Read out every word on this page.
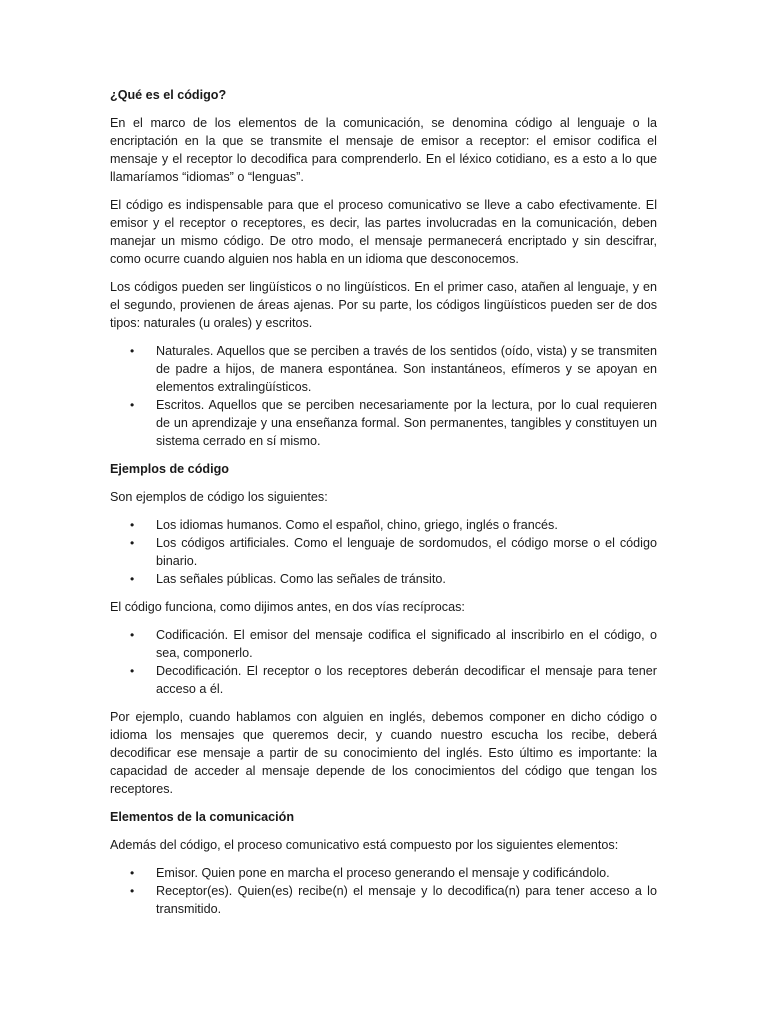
¿Qué es el código?

En el marco de los elementos de la comunicación, se denomina código al lenguaje o la encriptación en la que se transmite el mensaje de emisor a receptor: el emisor codifica el mensaje y el receptor lo decodifica para comprenderlo. En el léxico cotidiano, es a esto a lo que llamaríamos “idiomas” o “lenguas”.

El código es indispensable para que el proceso comunicativo se lleve a cabo efectivamente. El emisor y el receptor o receptores, es decir, las partes involucradas en la comunicación, deben manejar un mismo código. De otro modo, el mensaje permanecerá encriptado y sin descifrar, como ocurre cuando alguien nos habla en un idioma que desconocemos.

Los códigos pueden ser lingüísticos o no lingüísticos. En el primer caso, atañen al lenguaje, y en el segundo, provienen de áreas ajenas. Por su parte, los códigos lingüísticos pueden ser de dos tipos: naturales (u orales) y escritos.

• Naturales. Aquellos que se perciben a través de los sentidos (oído, vista) y se transmiten de padre a hijos, de manera espontánea. Son instantáneos, efímeros y se apoyan en elementos extralingüísticos.
• Escritos. Aquellos que se perciben necesariamente por la lectura, por lo cual requieren de un aprendizaje y una enseñanza formal. Son permanentes, tangibles y constituyen un sistema cerrado en sí mismo.

Ejemplos de código

Son ejemplos de código los siguientes:

• Los idiomas humanos. Como el español, chino, griego, inglés o francés.
• Los códigos artificiales. Como el lenguaje de sordomudos, el código morse o el código binario.
• Las señales públicas. Como las señales de tránsito.

El código funciona, como dijimos antes, en dos vías recíprocas:

• Codificación. El emisor del mensaje codifica el significado al inscribirlo en el código, o sea, componerlo.
• Decodificación. El receptor o los receptores deberán decodificar el mensaje para tener acceso a él.

Por ejemplo, cuando hablamos con alguien en inglés, debemos componer en dicho código o idioma los mensajes que queremos decir, y cuando nuestro escucha los recibe, deberá decodificar ese mensaje a partir de su conocimiento del inglés. Esto último es importante: la capacidad de acceder al mensaje depende de los conocimientos del código que tengan los receptores.

Elementos de la comunicación

Además del código, el proceso comunicativo está compuesto por los siguientes elementos:

• Emisor. Quien pone en marcha el proceso generando el mensaje y codificándolo.
• Receptor(es). Quien(es) recibe(n) el mensaje y lo decodifica(n) para tener acceso a lo transmitido.
